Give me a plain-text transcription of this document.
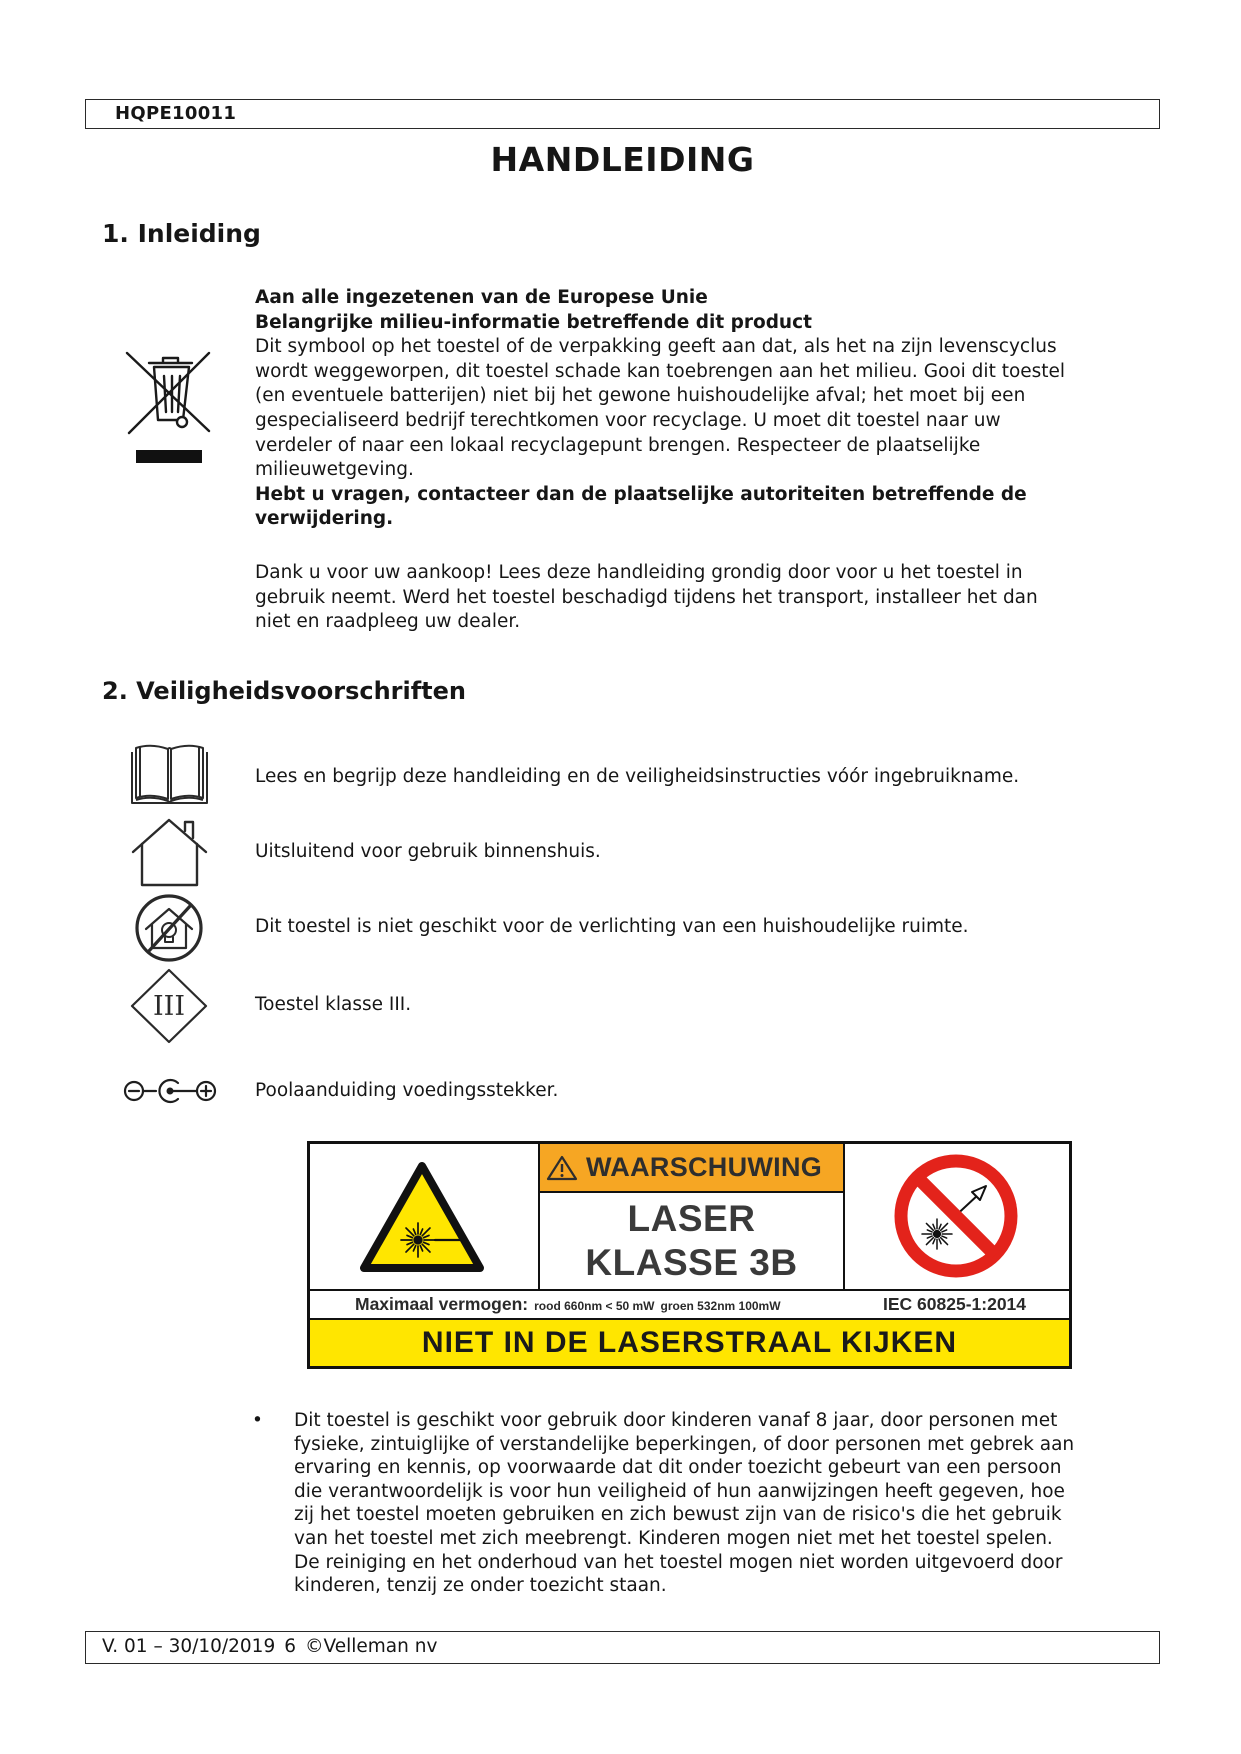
HQPE10011
HANDLEIDING
1. Inleiding
Aan alle ingezetenen van de Europese Unie
Belangrijke milieu-informatie betreffende dit product
Dit symbool op het toestel of de verpakking geeft aan dat, als het na zijn levenscyclus
wordt weggeworpen, dit toestel schade kan toebrengen aan het milieu. Gooi dit toestel
(en eventuele batterijen) niet bij het gewone huishoudelijke afval; het moet bij een
gespecialiseerd bedrijf terechtkomen voor recyclage. U moet dit toestel naar uw
verdeler of naar een lokaal recyclagepunt brengen. Respecteer de plaatselijke
milieuwetgeving.
Hebt u vragen, contacteer dan de plaatselijke autoriteiten betreffende de
verwijdering.
Dank u voor uw aankoop! Lees deze handleiding grondig door voor u het toestel in
gebruik neemt. Werd het toestel beschadigd tijdens het transport, installeer het dan
niet en raadpleeg uw dealer.
2. Veiligheidsvoorschriften
Lees en begrijp deze handleiding en de veiligheidsinstructies vóór ingebruikname.
Uitsluitend voor gebruik binnenshuis.
Dit toestel is niet geschikt voor de verlichting van een huishoudelijke ruimte.
III	Toestel klasse III.
Poolaanduiding voedingsstekker.
WAARSCHUWING
LASER
KLASSE 3B
Maximaal vermogen: rood 660nm < 50 mW groen 532nm 100mW	IEC 60825-1:2014
NIET IN DE LASERSTRAAL KIJKEN
• Dit toestel is geschikt voor gebruik door kinderen vanaf 8 jaar, door personen met
fysieke, zintuiglijke of verstandelijke beperkingen, of door personen met gebrek aan
ervaring en kennis, op voorwaarde dat dit onder toezicht gebeurt van een persoon
die verantwoordelijk is voor hun veiligheid of hun aanwijzingen heeft gegeven, hoe
zij het toestel moeten gebruiken en zich bewust zijn van de risico's die het gebruik
van het toestel met zich meebrengt. Kinderen mogen niet met het toestel spelen.
De reiniging en het onderhoud van het toestel mogen niet worden uitgevoerd door
kinderen, tenzij ze onder toezicht staan.
V. 01 – 30/10/2019 6 ©Velleman nv
